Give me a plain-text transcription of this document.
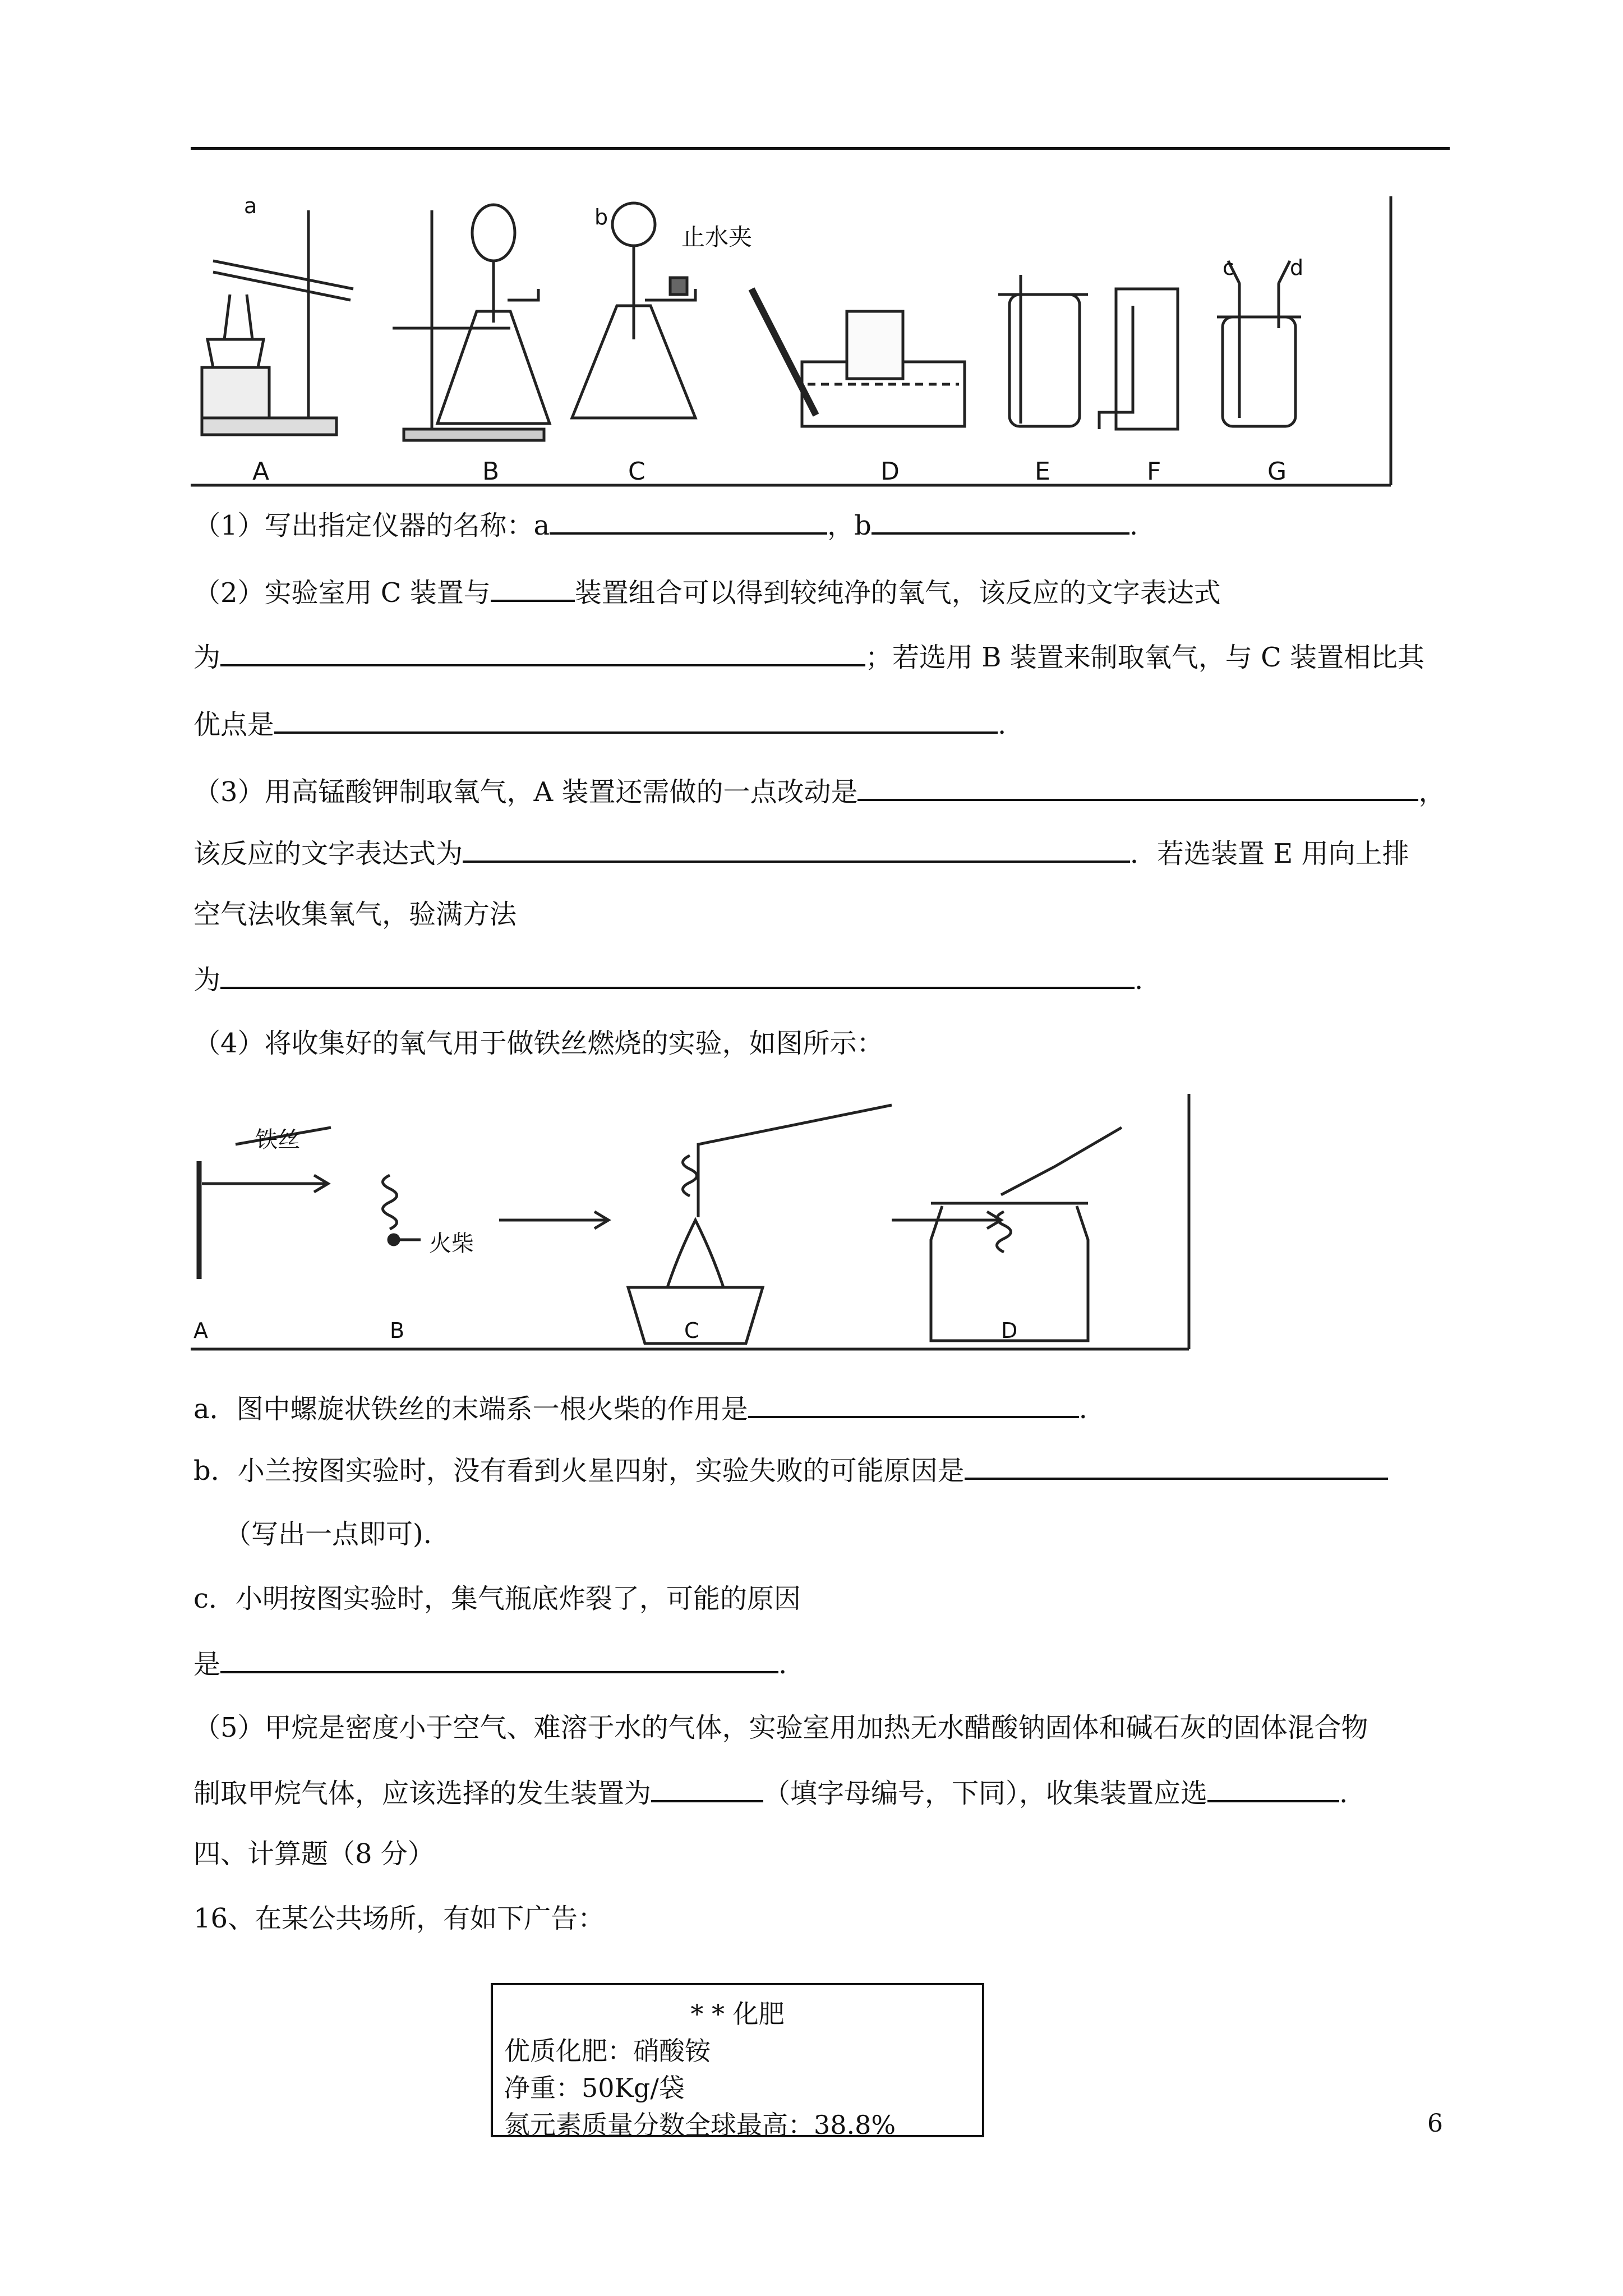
A	B	C	D	E	F	G
a	b
止水夹
c	d
（1）写出指定仪器的名称：a	，b	.
（2）实验室用 C 装置与	装置组合可以得到较纯净的氧气，该反应的文字表达式
为	；若选用 B 装置来制取氧气，与 C 装置相比其
优点是	.
（3）用高锰酸钾制取氧气，A 装置还需做的一点改动是	，
该反应的文字表达式为	．若选装置 E 用向上排
空气法收集氧气，验满方法
为	.
（4）将收集好的氧气用于做铁丝燃烧的实验，如图所示：
铁丝
火柴
A	B	C	D
a．图中螺旋状铁丝的末端系一根火柴的作用是	.
b．小兰按图实验时，没有看到火星四射，实验失败的可能原因是
（写出一点即可).
c．小明按图实验时，集气瓶底炸裂了，可能的原因
是	.
（5）甲烷是密度小于空气、难溶于水的气体，实验室用加热无水醋酸钠固体和碱石灰的固体混合物
制取甲烷气体，应该选择的发生装置为	（填字母编号，下同），收集装置应选	.
四、计算题（8 分）
16、在某公共场所，有如下广告：
* * 化肥
优质化肥：硝酸铵
净重：50Kg/袋
氮元素质量分数全球最高：38.8%	6
